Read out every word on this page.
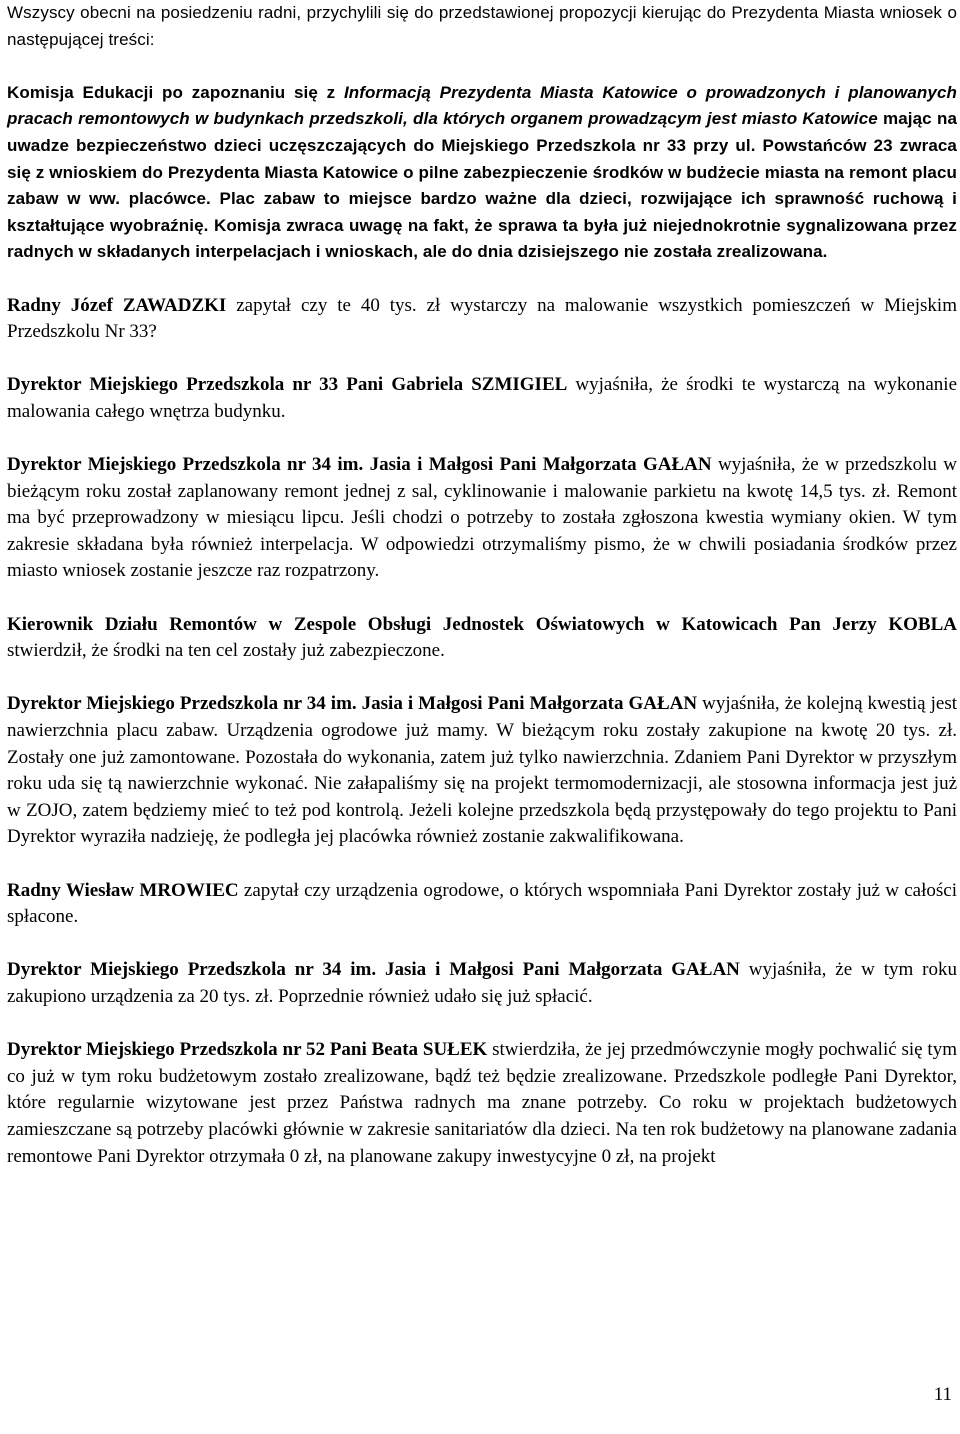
Wszyscy obecni na posiedzeniu radni, przychylili się do przedstawionej propozycji kierując do Prezydenta Miasta wniosek o następującej treści:

Komisja Edukacji po zapoznaniu się z Informacją Prezydenta Miasta Katowice o prowadzonych i planowanych pracach remontowych w budynkach przedszkoli, dla których organem prowadzącym jest miasto Katowice mając na uwadze bezpieczeństwo dzieci uczęszczających do Miejskiego Przedszkola nr 33 przy ul. Powstańców 23 zwraca się z wnioskiem do Prezydenta Miasta Katowice o pilne zabezpieczenie środków w budżecie miasta na remont placu zabaw w ww. placówce. Plac zabaw to miejsce bardzo ważne dla dzieci, rozwijające ich sprawność ruchową i kształtujące wyobraźnię. Komisja zwraca uwagę na fakt, że sprawa ta była już niejednokrotnie sygnalizowana przez radnych w składanych interpelacjach i wnioskach, ale do dnia dzisiejszego nie została zrealizowana.

Radny Józef ZAWADZKI zapytał czy te 40 tys. zł wystarczy na malowanie wszystkich pomieszczeń w Miejskim Przedszkolu Nr 33?

Dyrektor Miejskiego Przedszkola nr 33 Pani Gabriela SZMIGIEL wyjaśniła, że środki te wystarczą na wykonanie malowania całego wnętrza budynku.

Dyrektor Miejskiego Przedszkola nr 34 im. Jasia i Małgosi Pani Małgorzata GAŁAN wyjaśniła, że w przedszkolu w bieżącym roku został zaplanowany remont jednej z sal, cyklinowanie i malowanie parkietu na kwotę 14,5 tys. zł. Remont ma być przeprowadzony w miesiącu lipcu. Jeśli chodzi o potrzeby to została zgłoszona kwestia wymiany okien. W tym zakresie składana była również interpelacja. W odpowiedzi otrzymaliśmy pismo, że w chwili posiadania środków przez miasto wniosek zostanie jeszcze raz rozpatrzony.

Kierownik Działu Remontów w Zespole Obsługi Jednostek Oświatowych w Katowicach Pan Jerzy KOBLA stwierdził, że środki na ten cel zostały już zabezpieczone.

Dyrektor Miejskiego Przedszkola nr 34 im. Jasia i Małgosi Pani Małgorzata GAŁAN wyjaśniła, że kolejną kwestią jest nawierzchnia placu zabaw. Urządzenia ogrodowe już mamy. W bieżącym roku zostały zakupione na kwotę 20 tys. zł. Zostały one już zamontowane. Pozostała do wykonania, zatem już tylko nawierzchnia. Zdaniem Pani Dyrektor w przyszłym roku uda się tą nawierzchnie wykonać. Nie załapaliśmy się na projekt termomodernizacji, ale stosowna informacja jest już w ZOJO, zatem będziemy mieć to też pod kontrolą. Jeżeli kolejne przedszkola będą przystępowały do tego projektu to Pani Dyrektor wyraziła nadzieję, że podległa jej placówka również zostanie zakwalifikowana.

Radny Wiesław MROWIEC zapytał czy urządzenia ogrodowe, o których wspomniała Pani Dyrektor zostały już w całości spłacone.

Dyrektor Miejskiego Przedszkola nr 34 im. Jasia i Małgosi Pani Małgorzata GAŁAN wyjaśniła, że w tym roku zakupiono urządzenia za 20 tys. zł. Poprzednie również udało się już spłacić.

Dyrektor Miejskiego Przedszkola nr 52 Pani Beata SUŁEK stwierdziła, że jej przedmówczynie mogły pochwalić się tym co już w tym roku budżetowym zostało zrealizowane, bądź też będzie zrealizowane. Przedszkole podległe Pani Dyrektor, które regularnie wizytowane jest przez Państwa radnych ma znane potrzeby. Co roku w projektach budżetowych zamieszczane są potrzeby placówki głównie w zakresie sanitariatów dla dzieci. Na ten rok budżetowy na planowane zadania remontowe Pani Dyrektor otrzymała 0 zł, na planowane zakupy inwestycyjne 0 zł, na projekt

11
